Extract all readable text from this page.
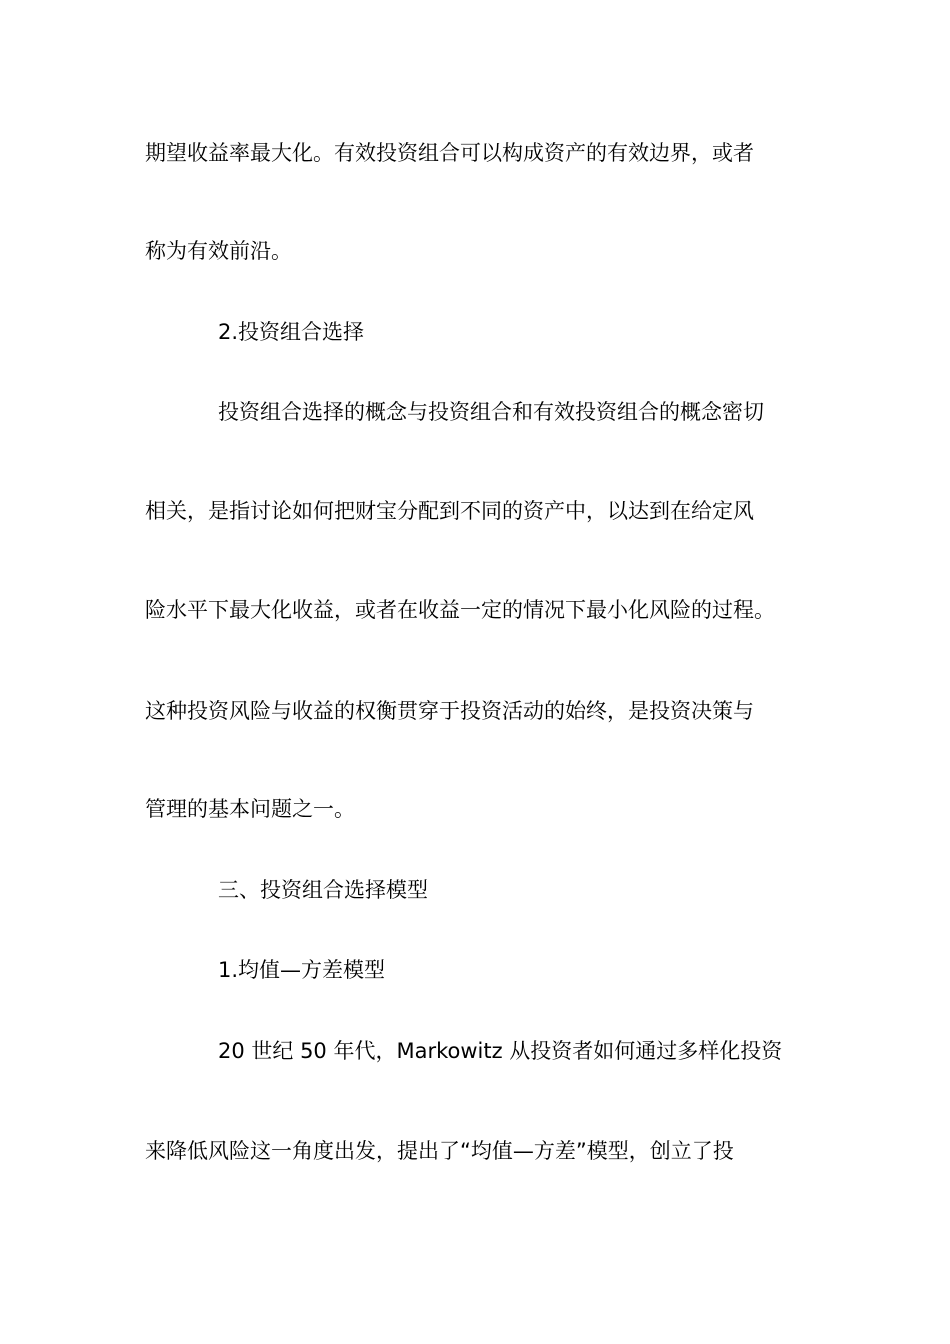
期望收益率最大化。有效投资组合可以构成资产的有效边界，或者
称为有效前沿。
2.投资组合选择
投资组合选择的概念与投资组合和有效投资组合的概念密切
相关，是指讨论如何把财宝分配到不同的资产中，以达到在给定风
险水平下最大化收益，或者在收益一定的情况下最小化风险的过程。
这种投资风险与收益的权衡贯穿于投资活动的始终，是投资决策与
管理的基本问题之一。
三、投资组合选择模型
1.均值—方差模型
20 世纪 50 年代，Markowitz 从投资者如何通过多样化投资
来降低风险这一角度出发，提出了“均值—方差”模型，创立了投
